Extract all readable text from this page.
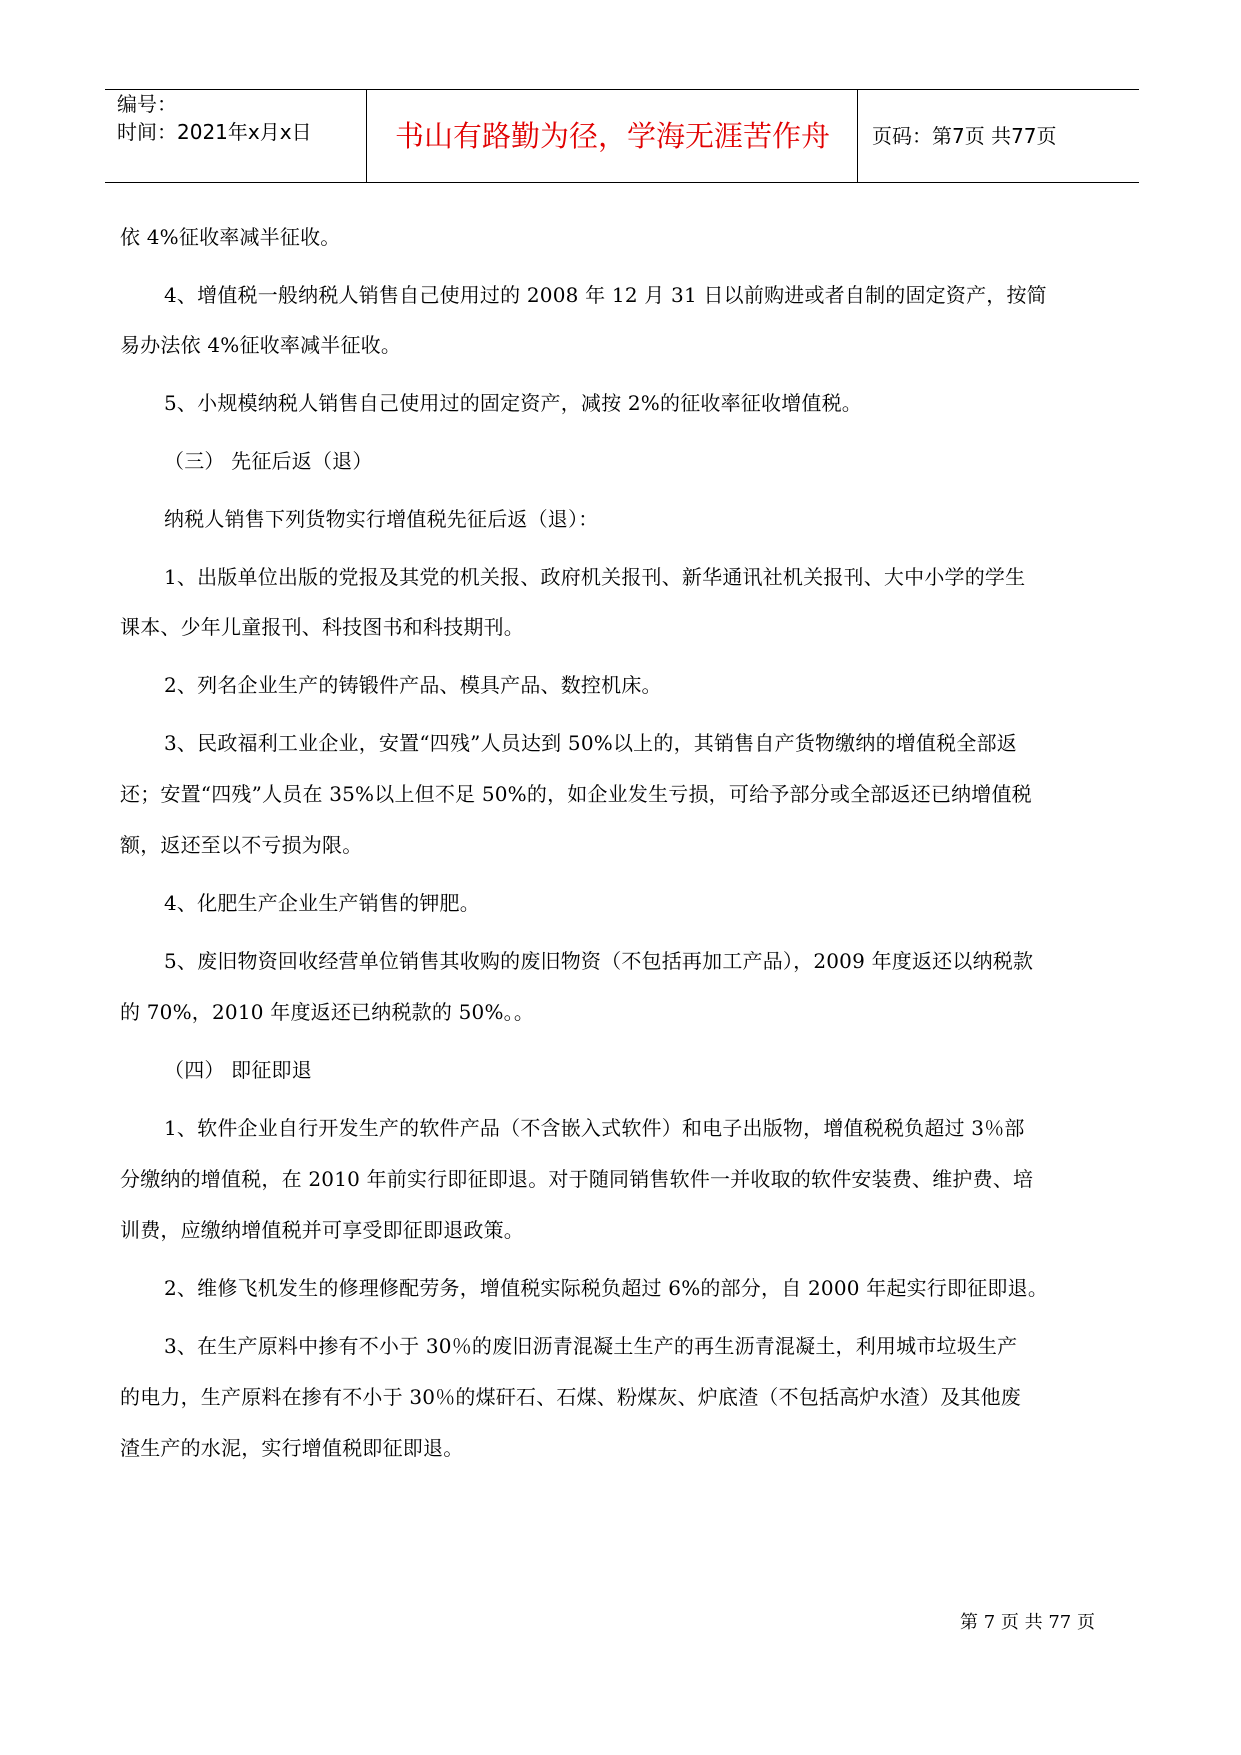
编号：
时间：2021年x月x日	书山有路勤为径，学海无涯苦作舟	页码：第7页 共77页

依 4%征收率减半征收。

4、增值税一般纳税人销售自己使用过的 2008 年 12 月 31 日以前购进或者自制的固定资产，按简

易办法依 4%征收率减半征收。

5、小规模纳税人销售自己使用过的固定资产，减按 2%的征收率征收增值税。

（三） 先征后返（退）

纳税人销售下列货物实行增值税先征后返（退）：

1、出版单位出版的党报及其党的机关报、政府机关报刊、新华通讯社机关报刊、大中小学的学生

课本、少年儿童报刊、科技图书和科技期刊。

2、列名企业生产的铸锻件产品、模具产品、数控机床。

3、民政福利工业企业，安置“四残”人员达到 50%以上的，其销售自产货物缴纳的增值税全部返

还；安置“四残”人员在 35%以上但不足 50%的，如企业发生亏损，可给予部分或全部返还已纳增值税

额，返还至以不亏损为限。

4、化肥生产企业生产销售的钾肥。

5、废旧物资回收经营单位销售其收购的废旧物资（不包括再加工产品），2009 年度返还以纳税款

的 70%，2010 年度返还已纳税款的 50%。。

（四） 即征即退

1、软件企业自行开发生产的软件产品（不含嵌入式软件）和电子出版物，增值税税负超过 3％部

分缴纳的增值税，在 2010 年前实行即征即退。对于随同销售软件一并收取的软件安装费、维护费、培

训费，应缴纳增值税并可享受即征即退政策。

2、维修飞机发生的修理修配劳务，增值税实际税负超过 6%的部分，自 2000 年起实行即征即退。

3、在生产原料中掺有不小于 30％的废旧沥青混凝土生产的再生沥青混凝土，利用城市垃圾生产

的电力，生产原料在掺有不小于 30％的煤矸石、石煤、粉煤灰、炉底渣（不包括高炉水渣）及其他废

渣生产的水泥，实行增值税即征即退。

第 7 页 共 77 页
